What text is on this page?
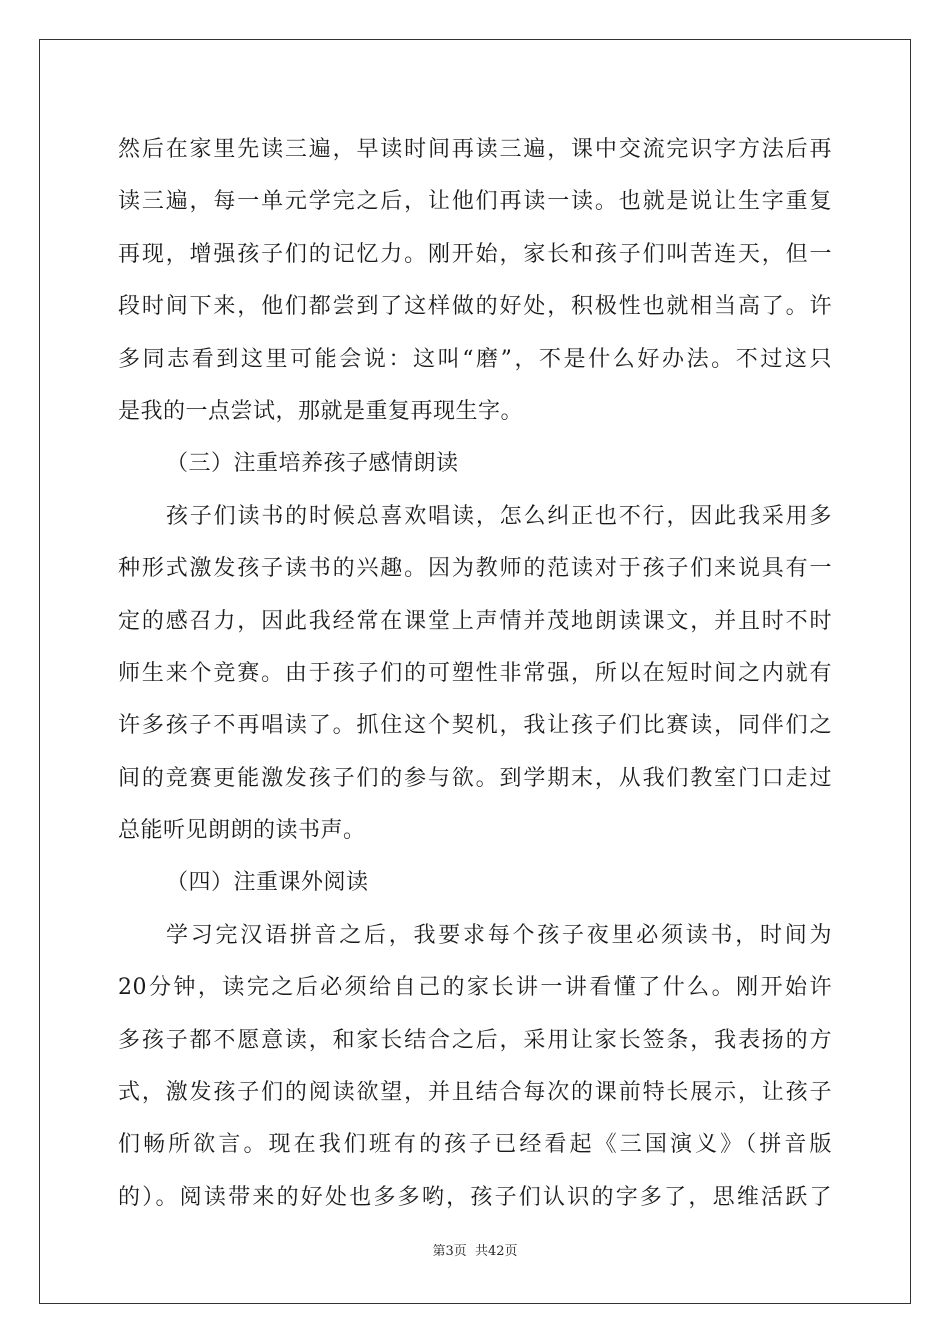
然后在家里先读三遍，早读时间再读三遍，课中交流完识字方法后再
读三遍，每一单元学完之后，让他们再读一读。也就是说让生字重复
再现，增强孩子们的记忆力。刚开始，家长和孩子们叫苦连天，但一
段时间下来，他们都尝到了这样做的好处，积极性也就相当高了。许
多同志看到这里可能会说：这叫“磨”，不是什么好办法。不过这只
是我的一点尝试，那就是重复再现生字。
（三）注重培养孩子感情朗读
孩子们读书的时候总喜欢唱读，怎么纠正也不行，因此我采用多
种形式激发孩子读书的兴趣。因为教师的范读对于孩子们来说具有一
定的感召力，因此我经常在课堂上声情并茂地朗读课文，并且时不时
师生来个竞赛。由于孩子们的可塑性非常强，所以在短时间之内就有
许多孩子不再唱读了。抓住这个契机，我让孩子们比赛读，同伴们之
间的竞赛更能激发孩子们的参与欲。到学期末，从我们教室门口走过
总能听见朗朗的读书声。
（四）注重课外阅读
学习完汉语拼音之后，我要求每个孩子夜里必须读书，时间为
20分钟，读完之后必须给自己的家长讲一讲看懂了什么。刚开始许
多孩子都不愿意读，和家长结合之后，采用让家长签条，我表扬的方
式，激发孩子们的阅读欲望，并且结合每次的课前特长展示，让孩子
们畅所欲言。现在我们班有的孩子已经看起《三国演义》（拼音版
的）。阅读带来的好处也多多哟，孩子们认识的字多了，思维活跃了
第3页 共42页
